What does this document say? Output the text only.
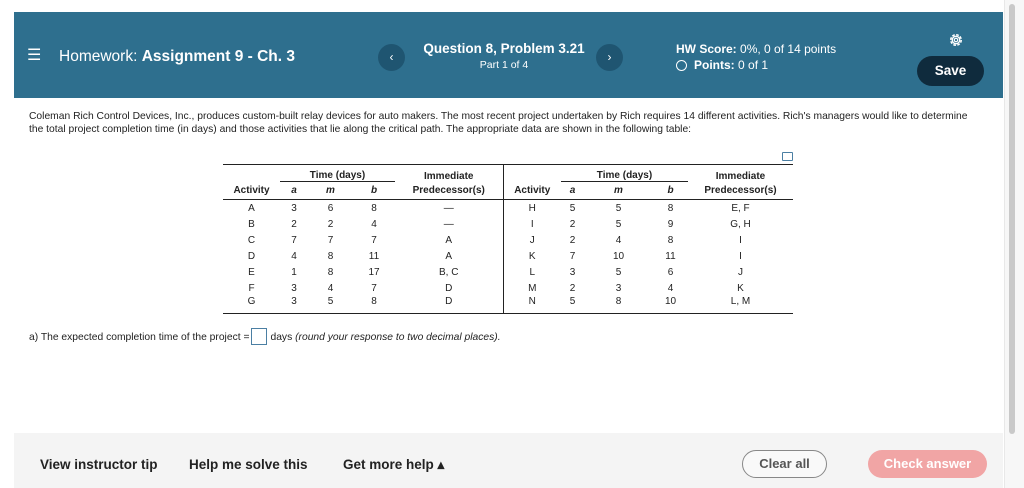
☰ Homework: Assignment 9 - Ch. 3	‹
Question 8, Problem 3.21
Part 1 of 4
›
HW Score: 0%, 0 of 14 points
Points: 0 of 1	Save
Coleman Rich Control Devices, Inc., produces custom-built relay devices for auto makers. The most recent project undertaken by Rich requires 14 different activities. Rich's managers would like to determine the total project completion time (in days) and those activities that lie along the critical path. The appropriate data are shown in the following table:
	Time (days)			Immediate		Time (days)			Immediate
Activity	a	m	b	Predecessor(s)	Activity	a	m	b	Predecessor(s)
A	3	6	8	—	H	5	5	8	E, F
B	2	2	4	—	I	2	5	9	G, H
C	7	7	7	A	J	2	4	8	I
D	4	8	11	A	K	7	10	11	I
E	1	8	17	B, C	L	3	5	6	J
F	3	4	7	D	M	2	3	4	K
G	3	5	8	D	N	5	8	10	L, M
a) The expected completion time of the project = days (round your response to two decimal places).
View instructor tip Help me solve this	Get more help ▴	Clear all	Check answer
